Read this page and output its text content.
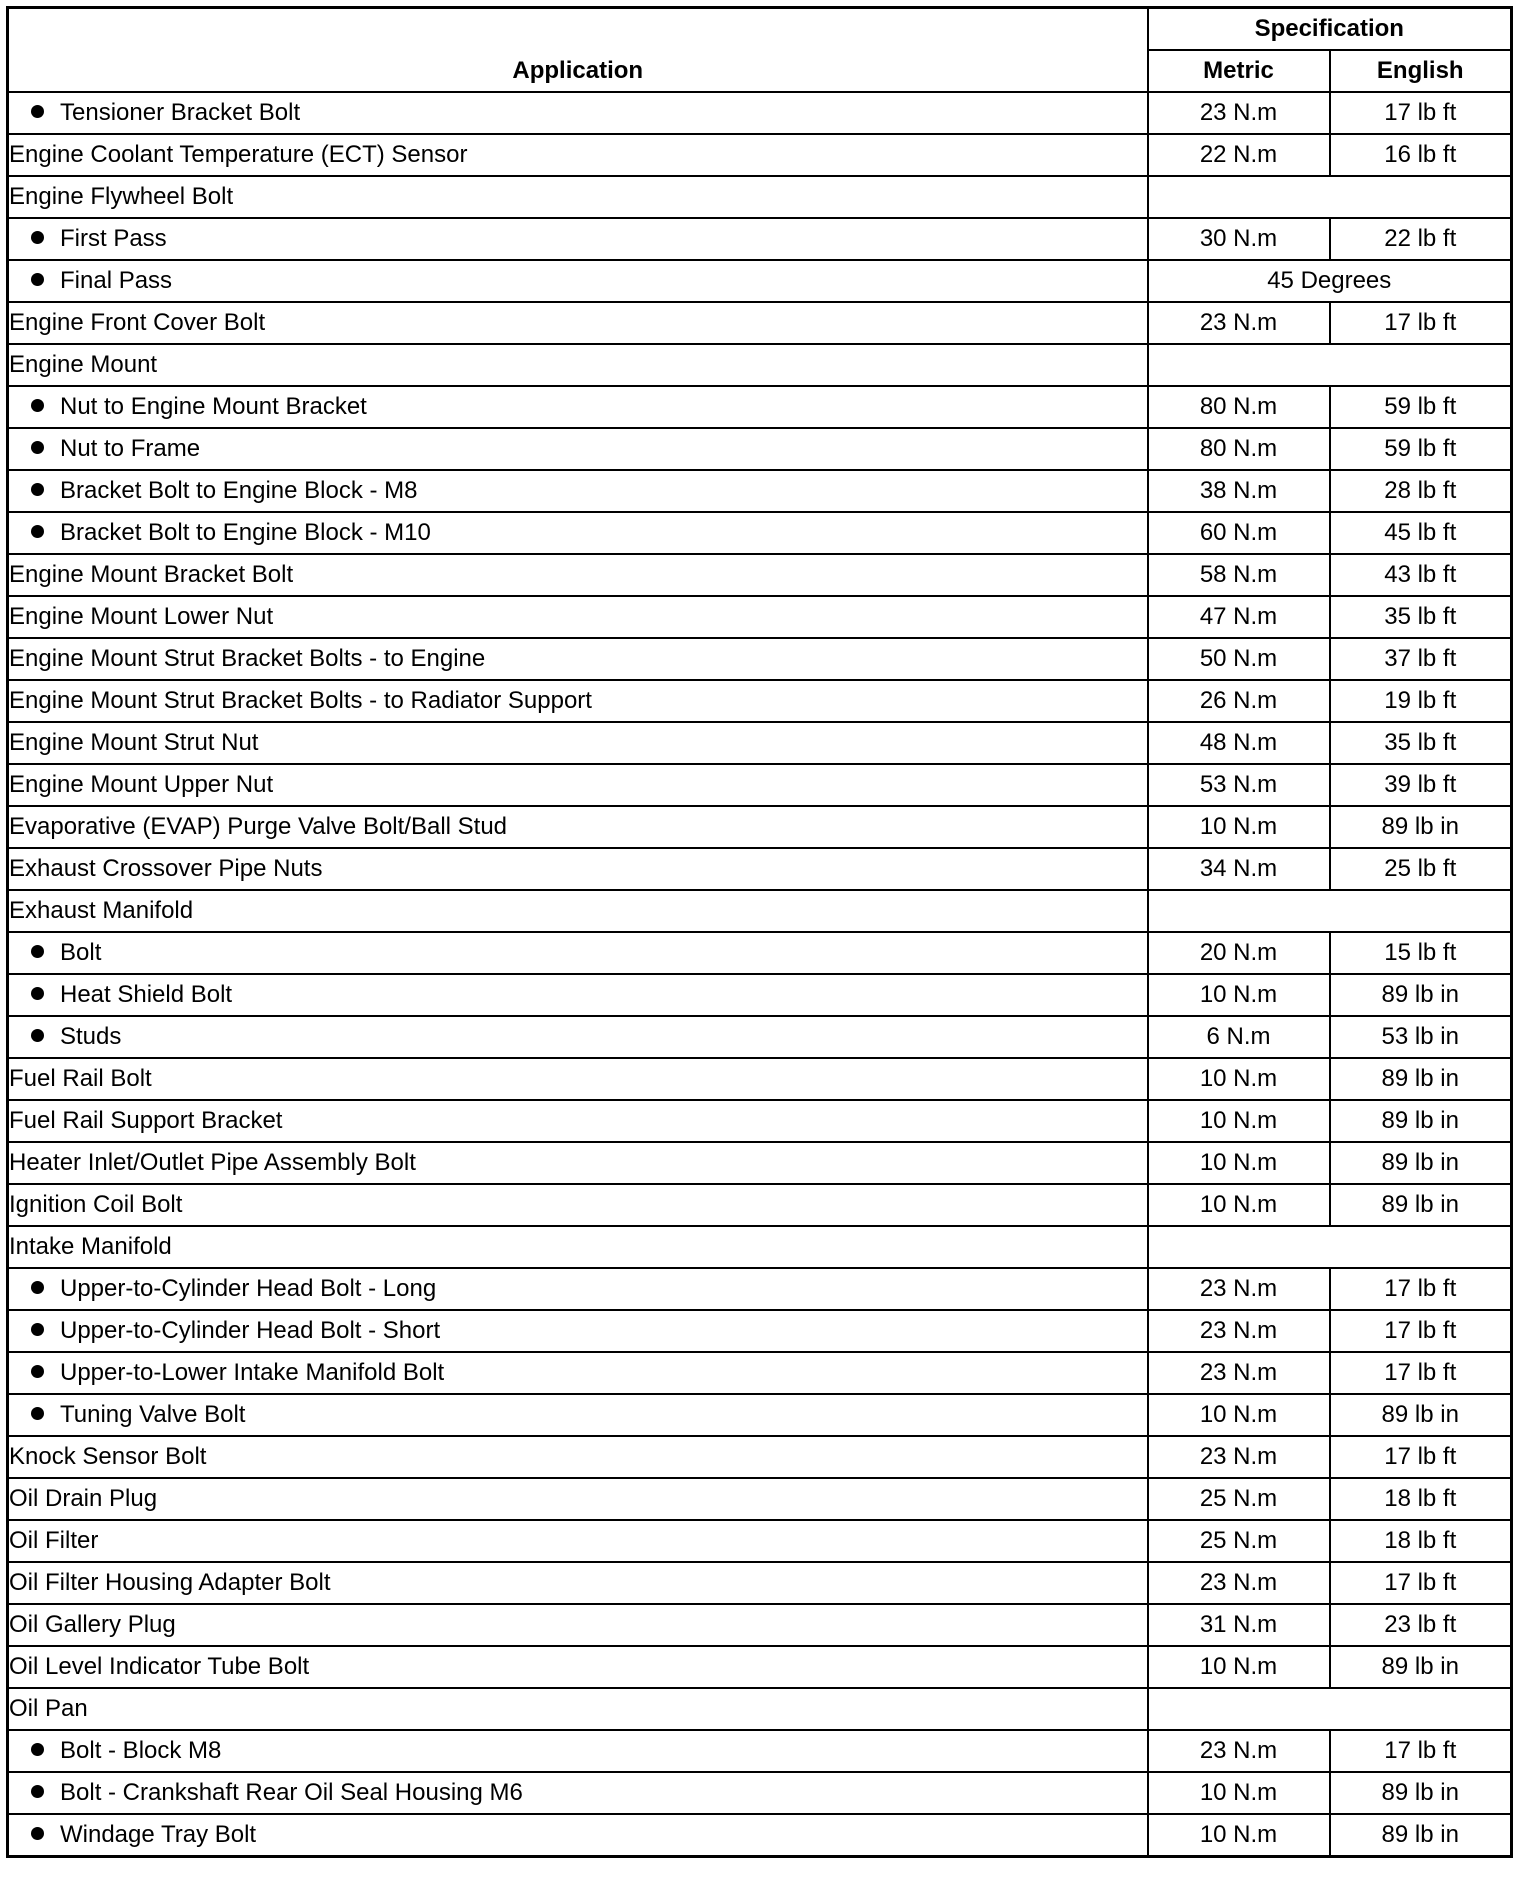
Application	Specification	
	Metric	English
Tensioner Bracket Bolt	23 N.m	17 lb ft
Engine Coolant Temperature (ECT) Sensor	22 N.m	16 lb ft
Engine Flywheel Bolt		
First Pass	30 N.m	22 lb ft
Final Pass	45 Degrees	
Engine Front Cover Bolt	23 N.m	17 lb ft
Engine Mount		
Nut to Engine Mount Bracket	80 N.m	59 lb ft
Nut to Frame	80 N.m	59 lb ft
Bracket Bolt to Engine Block - M8	38 N.m	28 lb ft
Bracket Bolt to Engine Block - M10	60 N.m	45 lb ft
Engine Mount Bracket Bolt	58 N.m	43 lb ft
Engine Mount Lower Nut	47 N.m	35 lb ft
Engine Mount Strut Bracket Bolts - to Engine	50 N.m	37 lb ft
Engine Mount Strut Bracket Bolts - to Radiator Support	26 N.m	19 lb ft
Engine Mount Strut Nut	48 N.m	35 lb ft
Engine Mount Upper Nut	53 N.m	39 lb ft
Evaporative (EVAP) Purge Valve Bolt/Ball Stud	10 N.m	89 lb in
Exhaust Crossover Pipe Nuts	34 N.m	25 lb ft
Exhaust Manifold		
Bolt	20 N.m	15 lb ft
Heat Shield Bolt	10 N.m	89 lb in
Studs	6 N.m	53 lb in
Fuel Rail Bolt	10 N.m	89 lb in
Fuel Rail Support Bracket	10 N.m	89 lb in
Heater Inlet/Outlet Pipe Assembly Bolt	10 N.m	89 lb in
Ignition Coil Bolt	10 N.m	89 lb in
Intake Manifold		
Upper-to-Cylinder Head Bolt - Long	23 N.m	17 lb ft
Upper-to-Cylinder Head Bolt - Short	23 N.m	17 lb ft
Upper-to-Lower Intake Manifold Bolt	23 N.m	17 lb ft
Tuning Valve Bolt	10 N.m	89 lb in
Knock Sensor Bolt	23 N.m	17 lb ft
Oil Drain Plug	25 N.m	18 lb ft
Oil Filter	25 N.m	18 lb ft
Oil Filter Housing Adapter Bolt	23 N.m	17 lb ft
Oil Gallery Plug	31 N.m	23 lb ft
Oil Level Indicator Tube Bolt	10 N.m	89 lb in
Oil Pan		
Bolt - Block M8	23 N.m	17 lb ft
Bolt - Crankshaft Rear Oil Seal Housing M6	10 N.m	89 lb in
Windage Tray Bolt	10 N.m	89 lb in
